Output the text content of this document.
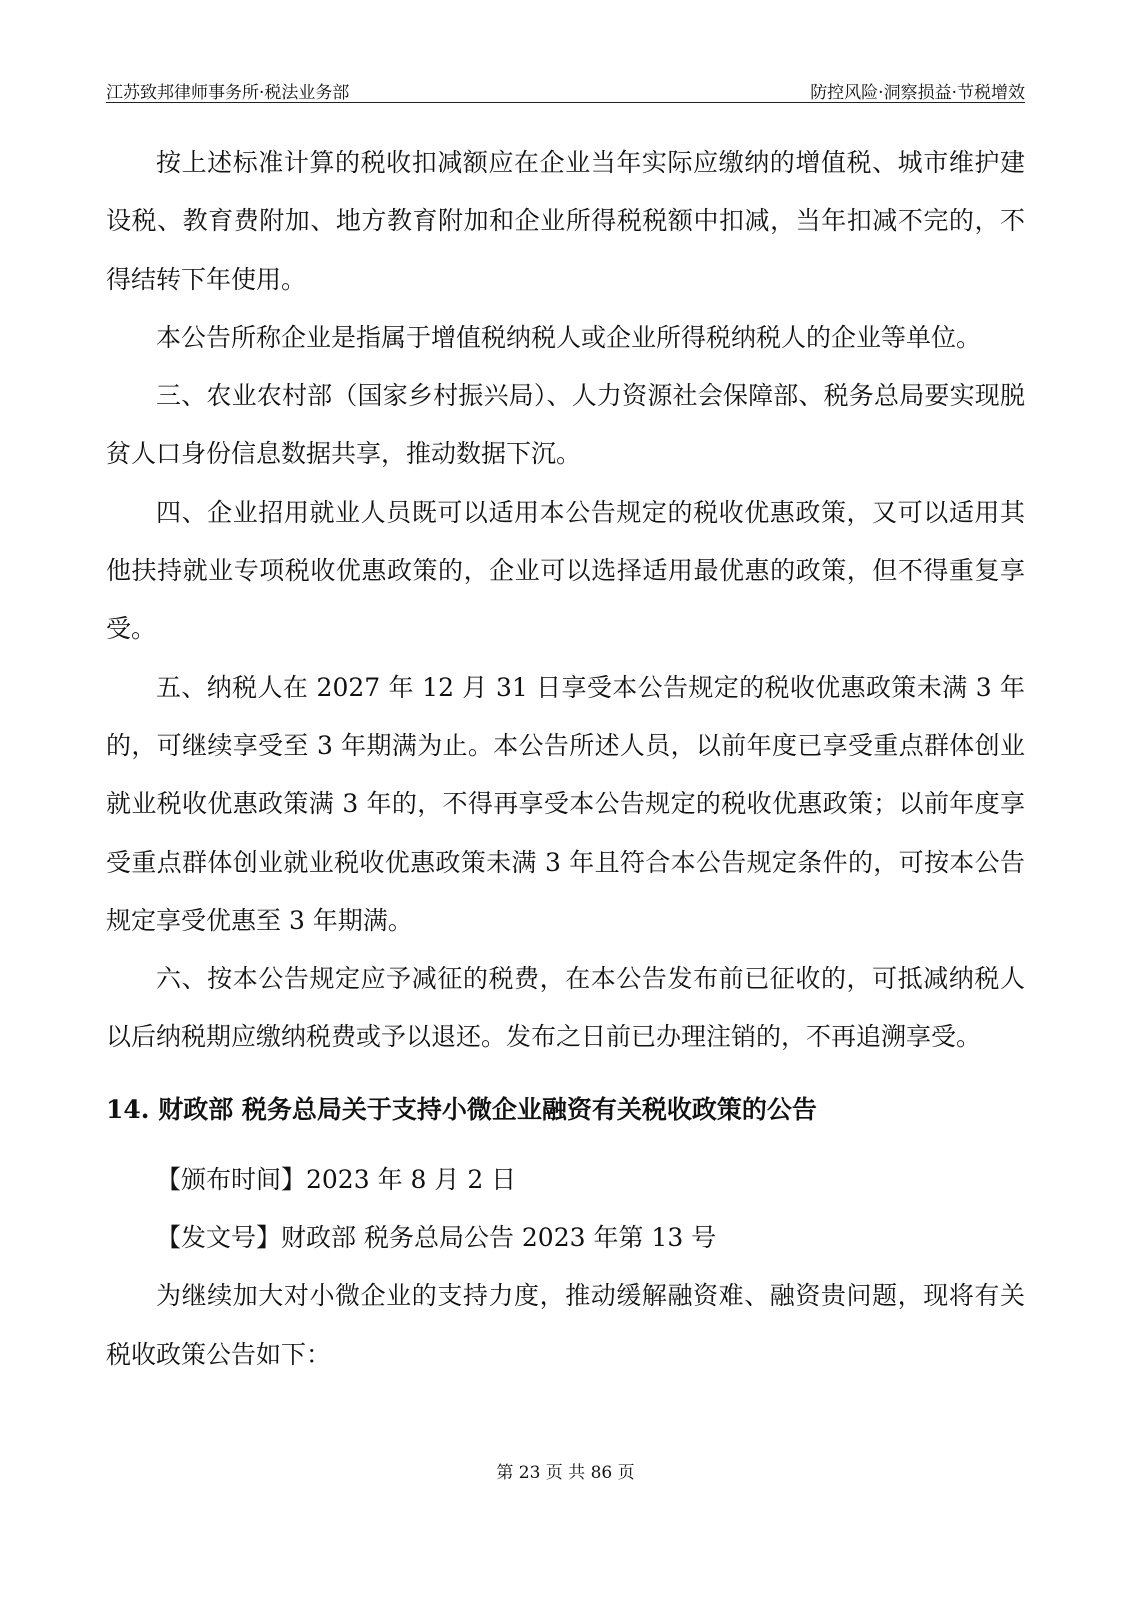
江苏致邦律师事务所·税法业务部	防控风险·洞察损益·节税增效

按上述标准计算的税收扣减额应在企业当年实际应缴纳的增值税、城市维护建设税、教育费附加、地方教育附加和企业所得税税额中扣减，当年扣减不完的，不得结转下年使用。

本公告所称企业是指属于增值税纳税人或企业所得税纳税人的企业等单位。

三、农业农村部（国家乡村振兴局）、人力资源社会保障部、税务总局要实现脱贫人口身份信息数据共享，推动数据下沉。

四、企业招用就业人员既可以适用本公告规定的税收优惠政策，又可以适用其他扶持就业专项税收优惠政策的，企业可以选择适用最优惠的政策，但不得重复享受。

五、纳税人在 2027 年 12 月 31 日享受本公告规定的税收优惠政策未满 3 年的，可继续享受至 3 年期满为止。本公告所述人员，以前年度已享受重点群体创业就业税收优惠政策满 3 年的，不得再享受本公告规定的税收优惠政策；以前年度享受重点群体创业就业税收优惠政策未满 3 年且符合本公告规定条件的，可按本公告规定享受优惠至 3 年期满。

六、按本公告规定应予减征的税费，在本公告发布前已征收的，可抵减纳税人以后纳税期应缴纳税费或予以退还。发布之日前已办理注销的，不再追溯享受。

14. 财政部 税务总局关于支持小微企业融资有关税收政策的公告

【颁布时间】2023 年 8 月 2 日

【发文号】财政部 税务总局公告 2023 年第 13 号

为继续加大对小微企业的支持力度，推动缓解融资难、融资贵问题，现将有关税收政策公告如下：

第 23 页 共 86 页
